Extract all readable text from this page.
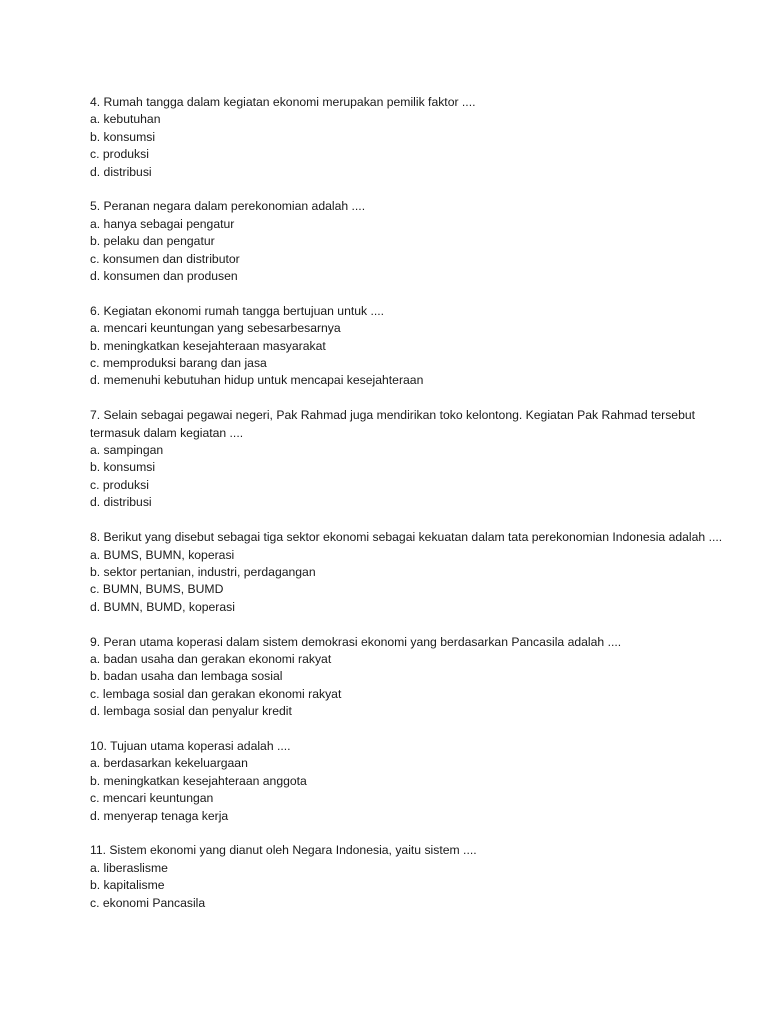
4. Rumah tangga dalam kegiatan ekonomi merupakan pemilik faktor ....
a. kebutuhan
b. konsumsi
c. produksi
d. distribusi
5. Peranan negara dalam perekonomian adalah ....
a. hanya sebagai pengatur
b. pelaku dan pengatur
c. konsumen dan distributor
d. konsumen dan produsen
6. Kegiatan ekonomi rumah tangga bertujuan untuk ....
a. mencari keuntungan yang sebesarbesarnya
b. meningkatkan kesejahteraan masyarakat
c. memproduksi barang dan jasa
d. memenuhi kebutuhan hidup untuk mencapai kesejahteraan
7. Selain sebagai pegawai negeri, Pak Rahmad juga mendirikan toko kelontong. Kegiatan Pak Rahmad tersebut termasuk dalam kegiatan ....
a. sampingan
b. konsumsi
c. produksi
d. distribusi
8. Berikut yang disebut sebagai tiga sektor ekonomi sebagai kekuatan dalam tata perekonomian Indonesia adalah ....
a. BUMS, BUMN, koperasi
b. sektor pertanian, industri, perdagangan
c. BUMN, BUMS, BUMD
d. BUMN, BUMD, koperasi
9. Peran utama koperasi dalam sistem demokrasi ekonomi yang berdasarkan Pancasila adalah ....
a. badan usaha dan gerakan ekonomi rakyat
b. badan usaha dan lembaga sosial
c. lembaga sosial dan gerakan ekonomi rakyat
d. lembaga sosial dan penyalur kredit
10. Tujuan utama koperasi adalah ....
a. berdasarkan kekeluargaan
b. meningkatkan kesejahteraan anggota
c. mencari keuntungan
d. menyerap tenaga kerja
11. Sistem ekonomi yang dianut oleh Negara Indonesia, yaitu sistem ....
a. liberaslisme
b. kapitalisme
c. ekonomi Pancasila
